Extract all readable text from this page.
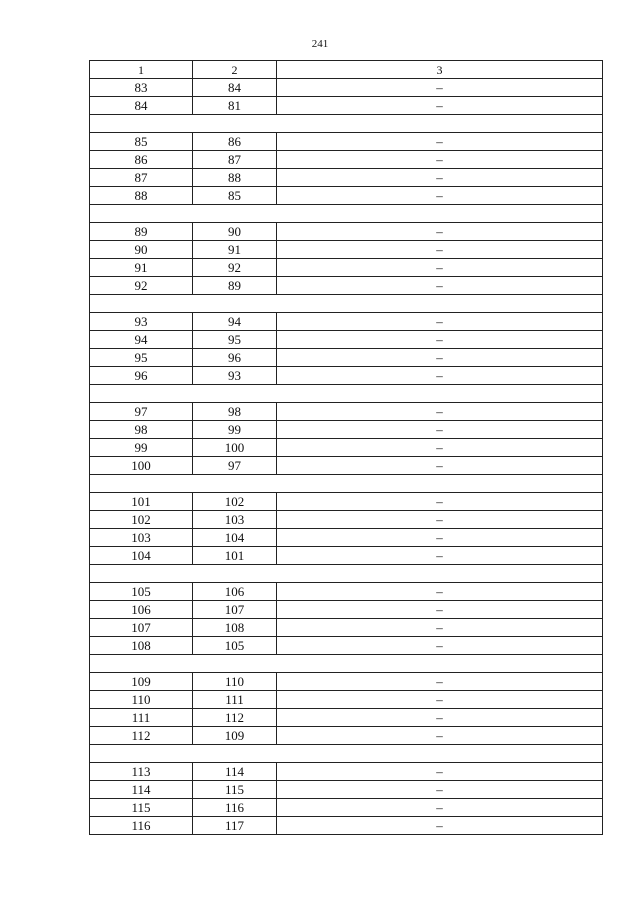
241
1	2	3
83	84	–
84	81	–

85	86	–
86	87	–
87	88	–
88	85	–

89	90	–
90	91	–
91	92	–
92	89	–

93	94	–
94	95	–
95	96	–
96	93	–

97	98	–
98	99	–
99	100	–
100	97	–

101	102	–
102	103	–
103	104	–
104	101	–

105	106	–
106	107	–
107	108	–
108	105	–

109	110	–
110	111	–
111	112	–
112	109	–

113	114	–
114	115	–
115	116	–
116	117	–
